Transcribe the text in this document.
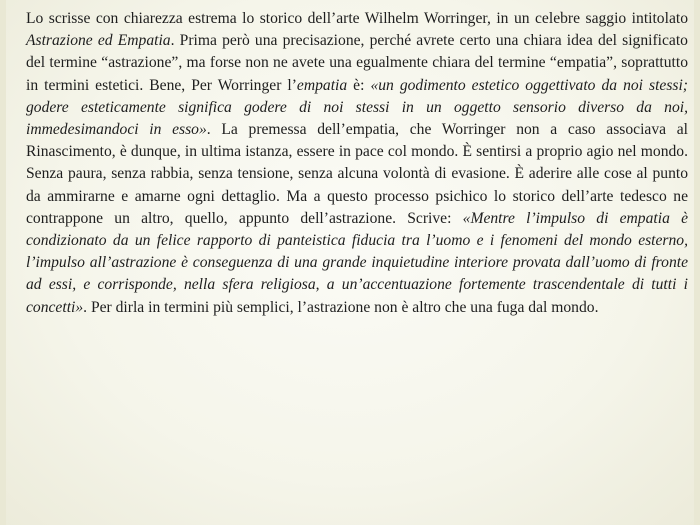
Lo scrisse con chiarezza estrema lo storico dell’arte Wilhelm Worringer, in un celebre saggio intitolato Astrazione ed Empatia. Prima però una precisazione, perché avrete certo una chiara idea del significato del termine “astrazione”, ma forse non ne avete una egualmente chiara del termine “empatia”, soprattutto in termini estetici. Bene, Per Worringer l’empatia è: «un godimento estetico oggettivato da noi stessi; godere esteticamente significa godere di noi stessi in un oggetto sensorio diverso da noi, immedesimandoci in esso». La premessa dell’empatia, che Worringer non a caso associava al Rinascimento, è dunque, in ultima istanza, essere in pace col mondo. È sentirsi a proprio agio nel mondo. Senza paura, senza rabbia, senza tensione, senza alcuna volontà di evasione. È aderire alle cose al punto da ammirarne e amarne ogni dettaglio. Ma a questo processo psichico lo storico dell’arte tedesco ne contrappone un altro, quello, appunto dell’astrazione. Scrive: «Mentre l’impulso di empatia è condizionato da un felice rapporto di panteistica fiducia tra l’uomo e i fenomeni del mondo esterno, l’impulso all’astrazione è conseguenza di una grande inquietudine interiore provata dall’uomo di fronte ad essi, e corrisponde, nella sfera religiosa, a un’accentuazione fortemente trascendentale di tutti i concetti». Per dirla in termini più semplici, l’astrazione non è altro che una fuga dal mondo.
